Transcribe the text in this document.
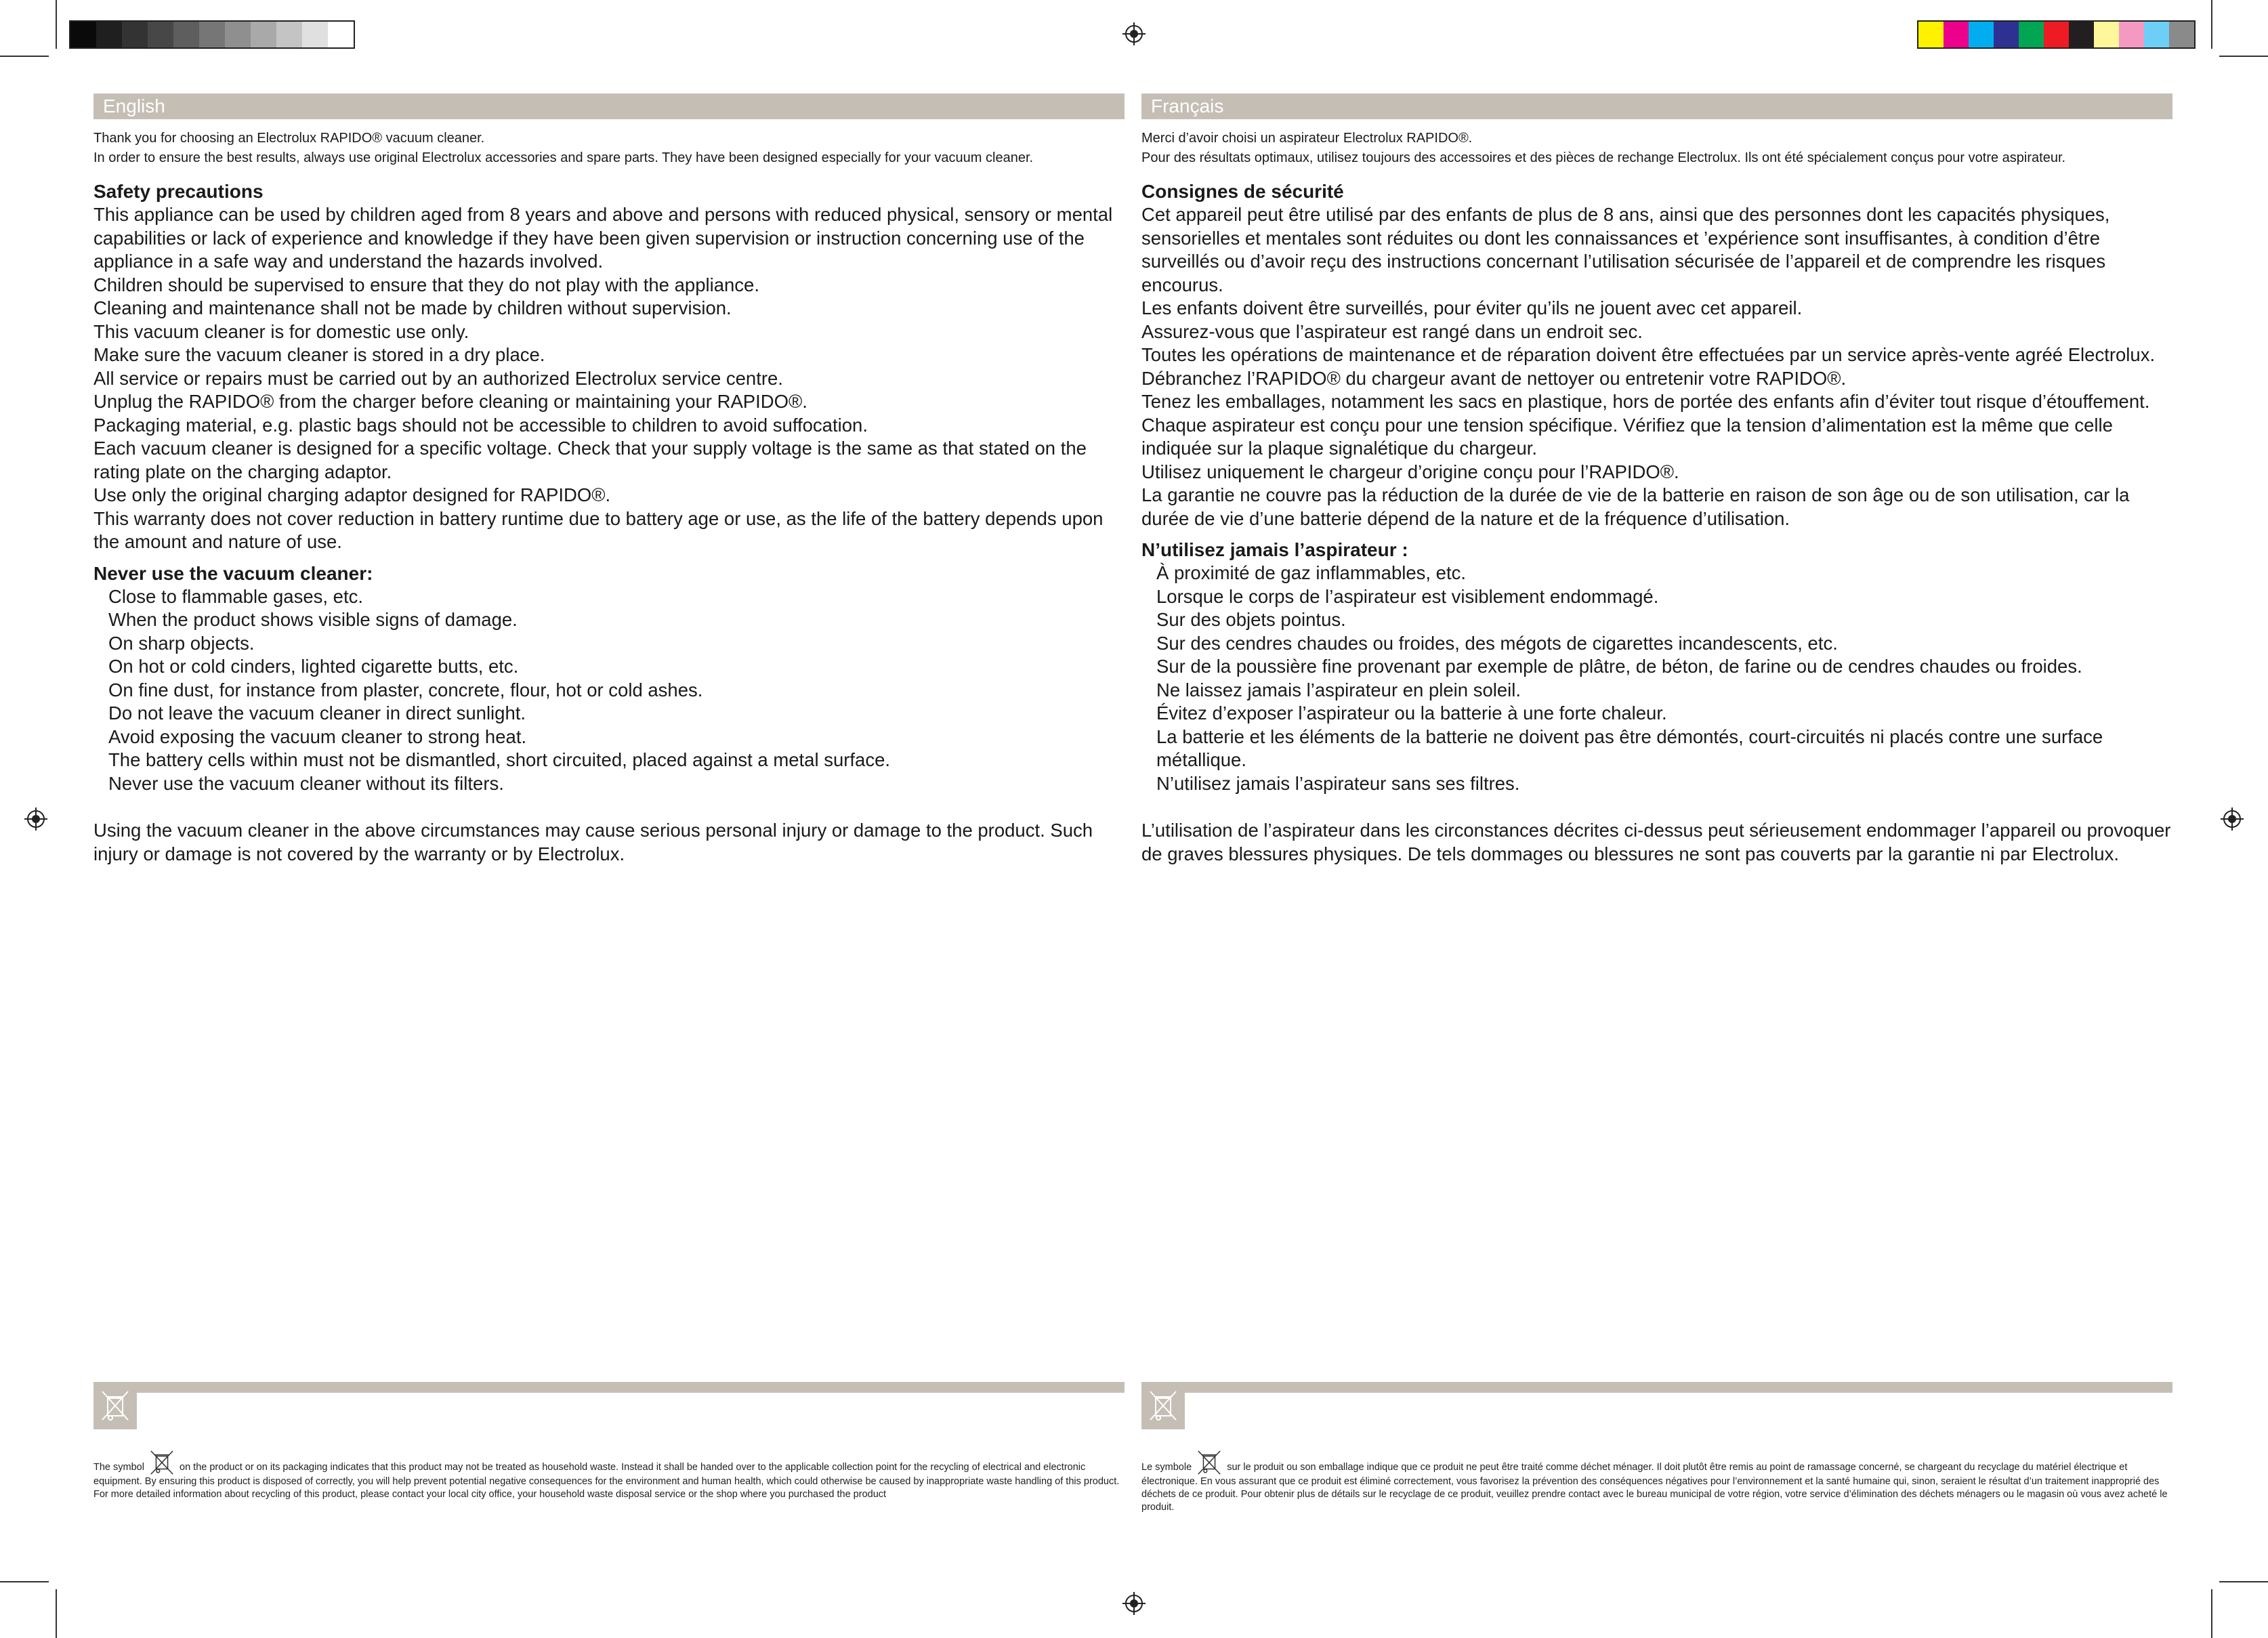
English

Thank you for choosing an Electrolux RAPIDO® vacuum cleaner.

In order to ensure the best results, always use original Electrolux accessories and spare parts. They have been designed especially for your vacuum cleaner.

Safety precautions

This appliance can be used by children aged from 8 years and above and persons with reduced physical, sensory or mental capabilities or lack of experience and knowledge if they have been given supervision or instruction concerning use of the appliance in a safe way and understand the hazards involved.

Children should be supervised to ensure that they do not play with the appliance.

Cleaning and maintenance shall not be made by children without supervision.

This vacuum cleaner is for domestic use only.

Make sure the vacuum cleaner is stored in a dry place.

All service or repairs must be carried out by an authorized Electrolux service centre.

Unplug the RAPIDO® from the charger before cleaning or maintaining your RAPIDO®.

Packaging material, e.g. plastic bags should not be accessible to children to avoid suffocation.

Each vacuum cleaner is designed for a specific voltage. Check that your supply voltage is the same as that stated on the rating plate on the charging adaptor.

Use only the original charging adaptor designed for RAPIDO®.

This warranty does not cover reduction in battery runtime due to battery age or use, as the life of the battery depends upon the amount and nature of use.

Never use the vacuum cleaner:
Close to flammable gases, etc.
When the product shows visible signs of damage.
On sharp objects.
On hot or cold cinders, lighted cigarette butts, etc.
On fine dust, for instance from plaster, concrete, flour, hot or cold ashes.
Do not leave the vacuum cleaner in direct sunlight.
Avoid exposing the vacuum cleaner to strong heat.
The battery cells within must not be dismantled, short circuited, placed against a metal surface.
Never use the vacuum cleaner without its filters.

Using the vacuum cleaner in the above circumstances may cause serious personal injury or damage to the product. Such injury or damage is not covered by the warranty or by Electrolux.

Français

Merci d’avoir choisi un aspirateur Electrolux RAPIDO®.

Pour des résultats optimaux, utilisez toujours des accessoires et des pièces de rechange Electrolux. Ils ont été spécialement conçus pour votre aspirateur.

Consignes de sécurité

Cet appareil peut être utilisé par des enfants de plus de 8 ans, ainsi que des personnes dont les capacités physiques, sensorielles et mentales sont réduites ou dont les connaissances et ’expérience sont insuffisantes, à condition d’être surveillés ou d’avoir reçu des instructions concernant l’utilisation sécurisée de l’appareil et de comprendre les risques encourus.

Les enfants doivent être surveillés, pour éviter qu’ils ne jouent avec cet appareil.

Assurez-vous que l’aspirateur est rangé dans un endroit sec.

Toutes les opérations de maintenance et de réparation doivent être effectuées par un service après-vente agréé Electrolux.

Débranchez l’RAPIDO® du chargeur avant de nettoyer ou entretenir votre RAPIDO®.

Tenez les emballages, notamment les sacs en plastique, hors de portée des enfants afin d’éviter tout risque d’étouffement.

Chaque aspirateur est conçu pour une tension spécifique. Vérifiez que la tension d’alimentation est la même que celle indiquée sur la plaque signalétique du chargeur.

Utilisez uniquement le chargeur d’origine conçu pour l’RAPIDO®.

La garantie ne couvre pas la réduction de la durée de vie de la batterie en raison de son âge ou de son utilisation, car la durée de vie d’une batterie dépend de la nature et de la fréquence d’utilisation.

N’utilisez jamais l’aspirateur :
À proximité de gaz inflammables, etc.
Lorsque le corps de l’aspirateur est visiblement endommagé.
Sur des objets pointus.
Sur des cendres chaudes ou froides, des mégots de cigarettes incandescents, etc.
Sur de la poussière fine provenant par exemple de plâtre, de béton, de farine ou de cendres chaudes ou froides.
Ne laissez jamais l’aspirateur en plein soleil.
Évitez d’exposer l’aspirateur ou la batterie à une forte chaleur.
La batterie et les éléments de la batterie ne doivent pas être démontés, court-circuités ni placés contre une surface métallique.
N’utilisez jamais l’aspirateur sans ses filtres.

L’utilisation de l’aspirateur dans les circonstances décrites ci-dessus peut sérieusement endommager l’appareil ou provoquer de graves blessures physiques. De tels dommages ou blessures ne sont pas couverts par la garantie ni par Electrolux.

The symbol	on the product or on its packaging indicates that this product may not be treated as household waste. Instead it shall be handed over to the applicable collection point for the recycling of electrical and electronic equipment. By ensuring this product is disposed of correctly, you will help prevent potential negative consequences for the environment and human health, which could otherwise be caused by inappropriate waste handling of this product. For more detailed information about recycling of this product, please contact your local city office, your household waste disposal service or the shop where you purchased the product

Le symbole	sur le produit ou son emballage indique que ce produit ne peut être traité comme déchet ménager. Il doit plutôt être remis au point de ramassage concerné, se chargeant du recyclage du matériel électrique et électronique. En vous assurant que ce produit est éliminé correctement, vous favorisez la prévention des conséquences négatives pour l’environnement et la santé humaine qui, sinon, seraient le résultat d’un traitement inapproprié des déchets de ce produit. Pour obtenir plus de détails sur le recyclage de ce produit, veuillez prendre contact avec le bureau municipal de votre région, votre service d’élimination des déchets ménagers ou le magasin où vous avez acheté le produit.
